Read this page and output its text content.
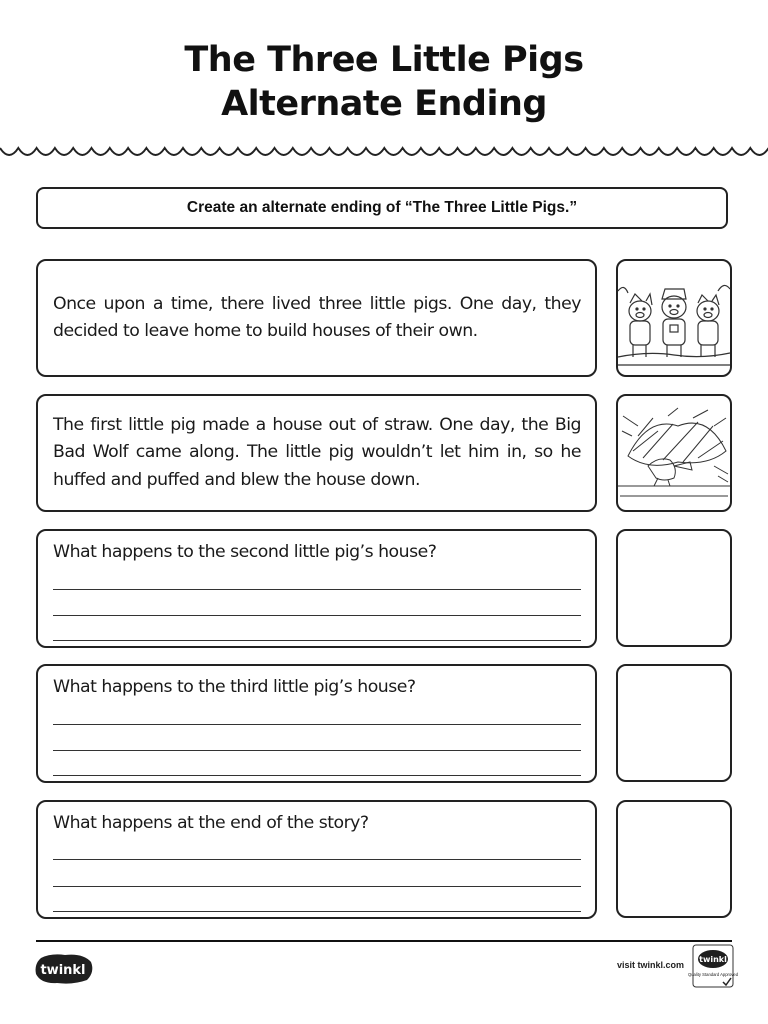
The Three Little Pigs
Alternate Ending
Create an alternate ending of “The Three Little Pigs.”
Once upon a time, there lived three little pigs. One day, they decided to leave home to build houses of their own.
The first little pig made a house out of straw. One day, the Big Bad Wolf came along. The little pig wouldn’t let him in, so he huffed and puffed and blew the house down.
What happens to the second little pig’s house?
What happens to the third little pig’s house?
What happens at the end of the story?
twinkl	visit twinkl.com
twinkl
Quality Standard Approved
